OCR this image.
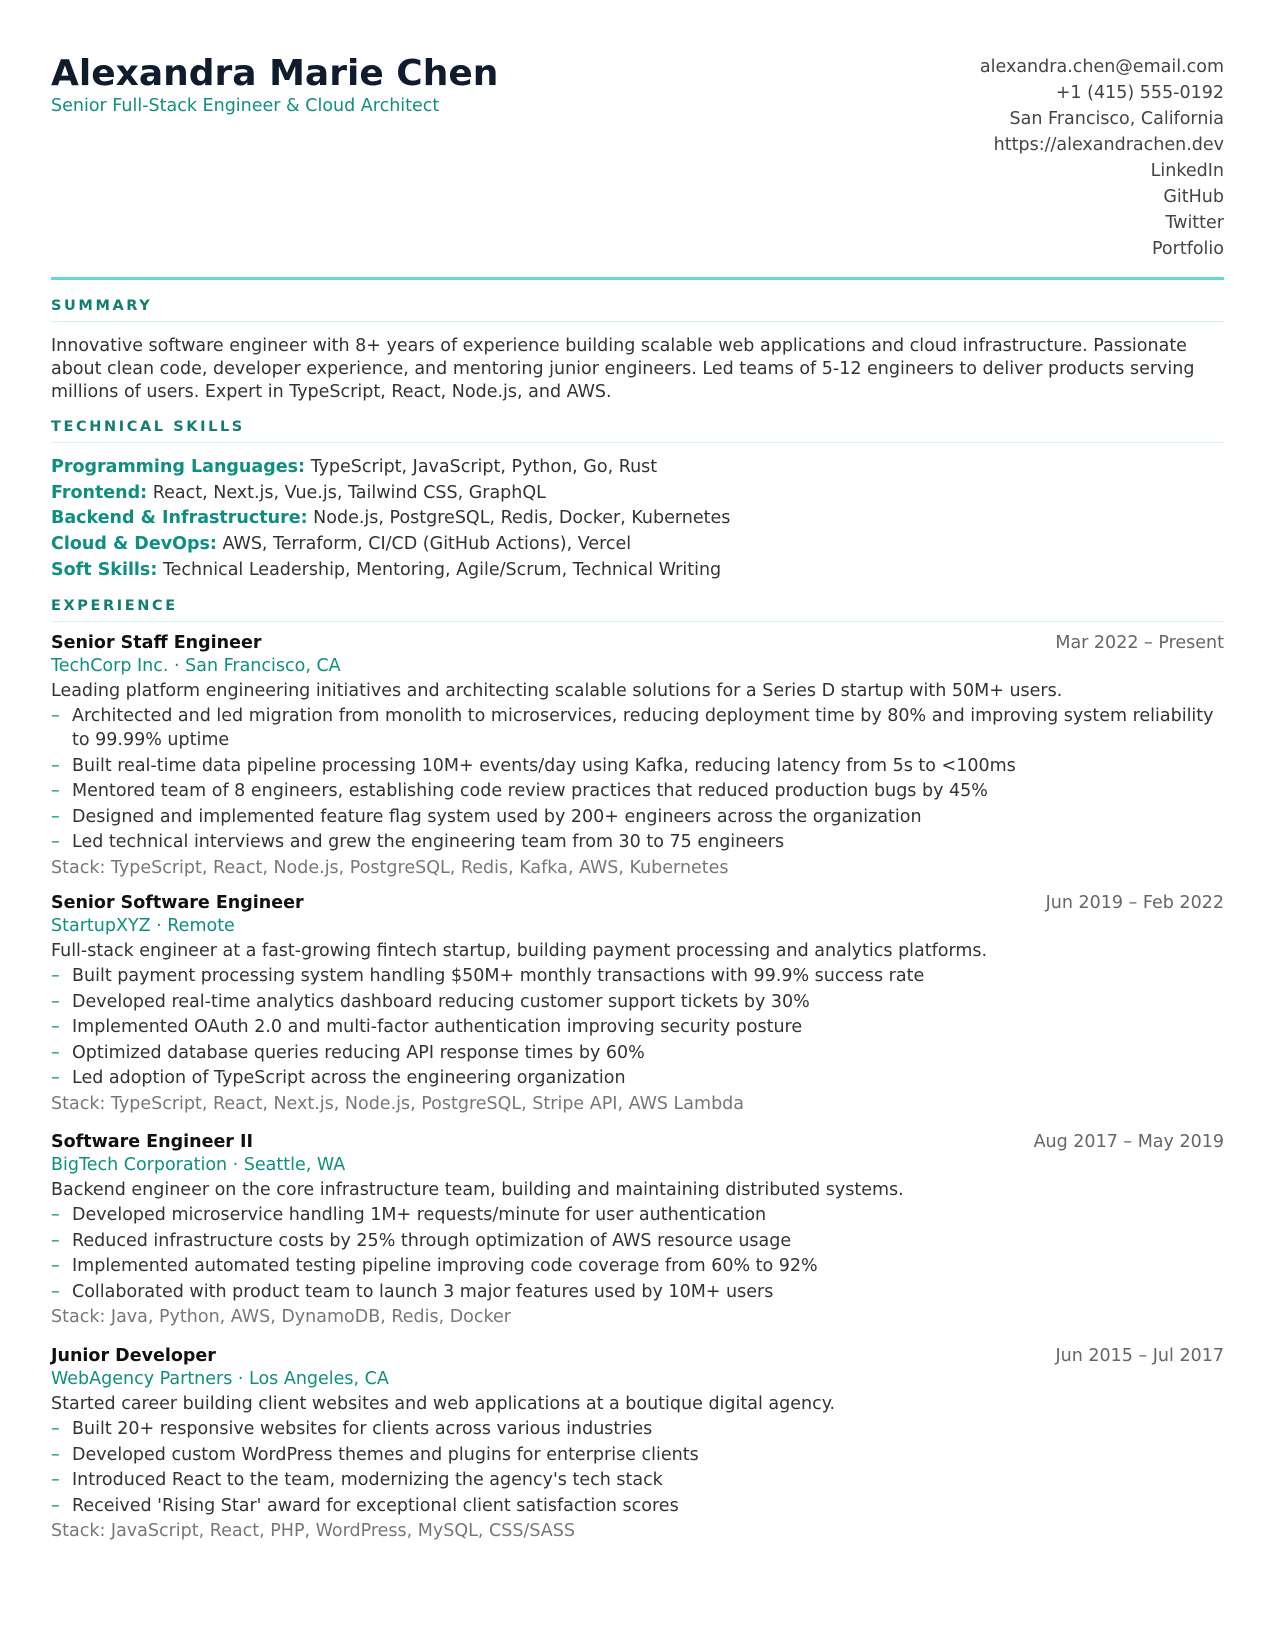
Alexandra Marie Chen
Senior Full-Stack Engineer & Cloud Architect
alexandra.chen@email.com
+1 (415) 555-0192
San Francisco, California
https://alexandrachen.dev
LinkedIn
GitHub
Twitter
Portfolio
SUMMARY
Innovative software engineer with 8+ years of experience building scalable web applications and cloud infrastructure. Passionate about clean code, developer experience, and mentoring junior engineers. Led teams of 5-12 engineers to deliver products serving millions of users. Expert in TypeScript, React, Node.js, and AWS.
TECHNICAL SKILLS
Programming Languages: TypeScript, JavaScript, Python, Go, Rust
Frontend: React, Next.js, Vue.js, Tailwind CSS, GraphQL
Backend & Infrastructure: Node.js, PostgreSQL, Redis, Docker, Kubernetes
Cloud & DevOps: AWS, Terraform, CI/CD (GitHub Actions), Vercel
Soft Skills: Technical Leadership, Mentoring, Agile/Scrum, Technical Writing
EXPERIENCE
Senior Staff Engineer	Mar 2022 – Present
TechCorp Inc. · San Francisco, CA
Leading platform engineering initiatives and architecting scalable solutions for a Series D startup with 50M+ users.
– Architected and led migration from monolith to microservices, reducing deployment time by 80% and improving system reliability to 99.99% uptime
– Built real-time data pipeline processing 10M+ events/day using Kafka, reducing latency from 5s to <100ms
– Mentored team of 8 engineers, establishing code review practices that reduced production bugs by 45%
– Designed and implemented feature flag system used by 200+ engineers across the organization
– Led technical interviews and grew the engineering team from 30 to 75 engineers
Stack: TypeScript, React, Node.js, PostgreSQL, Redis, Kafka, AWS, Kubernetes
Senior Software Engineer	Jun 2019 – Feb 2022
StartupXYZ · Remote
Full-stack engineer at a fast-growing fintech startup, building payment processing and analytics platforms.
– Built payment processing system handling $50M+ monthly transactions with 99.9% success rate
– Developed real-time analytics dashboard reducing customer support tickets by 30%
– Implemented OAuth 2.0 and multi-factor authentication improving security posture
– Optimized database queries reducing API response times by 60%
– Led adoption of TypeScript across the engineering organization
Stack: TypeScript, React, Next.js, Node.js, PostgreSQL, Stripe API, AWS Lambda
Software Engineer II	Aug 2017 – May 2019
BigTech Corporation · Seattle, WA
Backend engineer on the core infrastructure team, building and maintaining distributed systems.
– Developed microservice handling 1M+ requests/minute for user authentication
– Reduced infrastructure costs by 25% through optimization of AWS resource usage
– Implemented automated testing pipeline improving code coverage from 60% to 92%
– Collaborated with product team to launch 3 major features used by 10M+ users
Stack: Java, Python, AWS, DynamoDB, Redis, Docker
Junior Developer	Jun 2015 – Jul 2017
WebAgency Partners · Los Angeles, CA
Started career building client websites and web applications at a boutique digital agency.
– Built 20+ responsive websites for clients across various industries
– Developed custom WordPress themes and plugins for enterprise clients
– Introduced React to the team, modernizing the agency's tech stack
– Received 'Rising Star' award for exceptional client satisfaction scores
Stack: JavaScript, React, PHP, WordPress, MySQL, CSS/SASS
